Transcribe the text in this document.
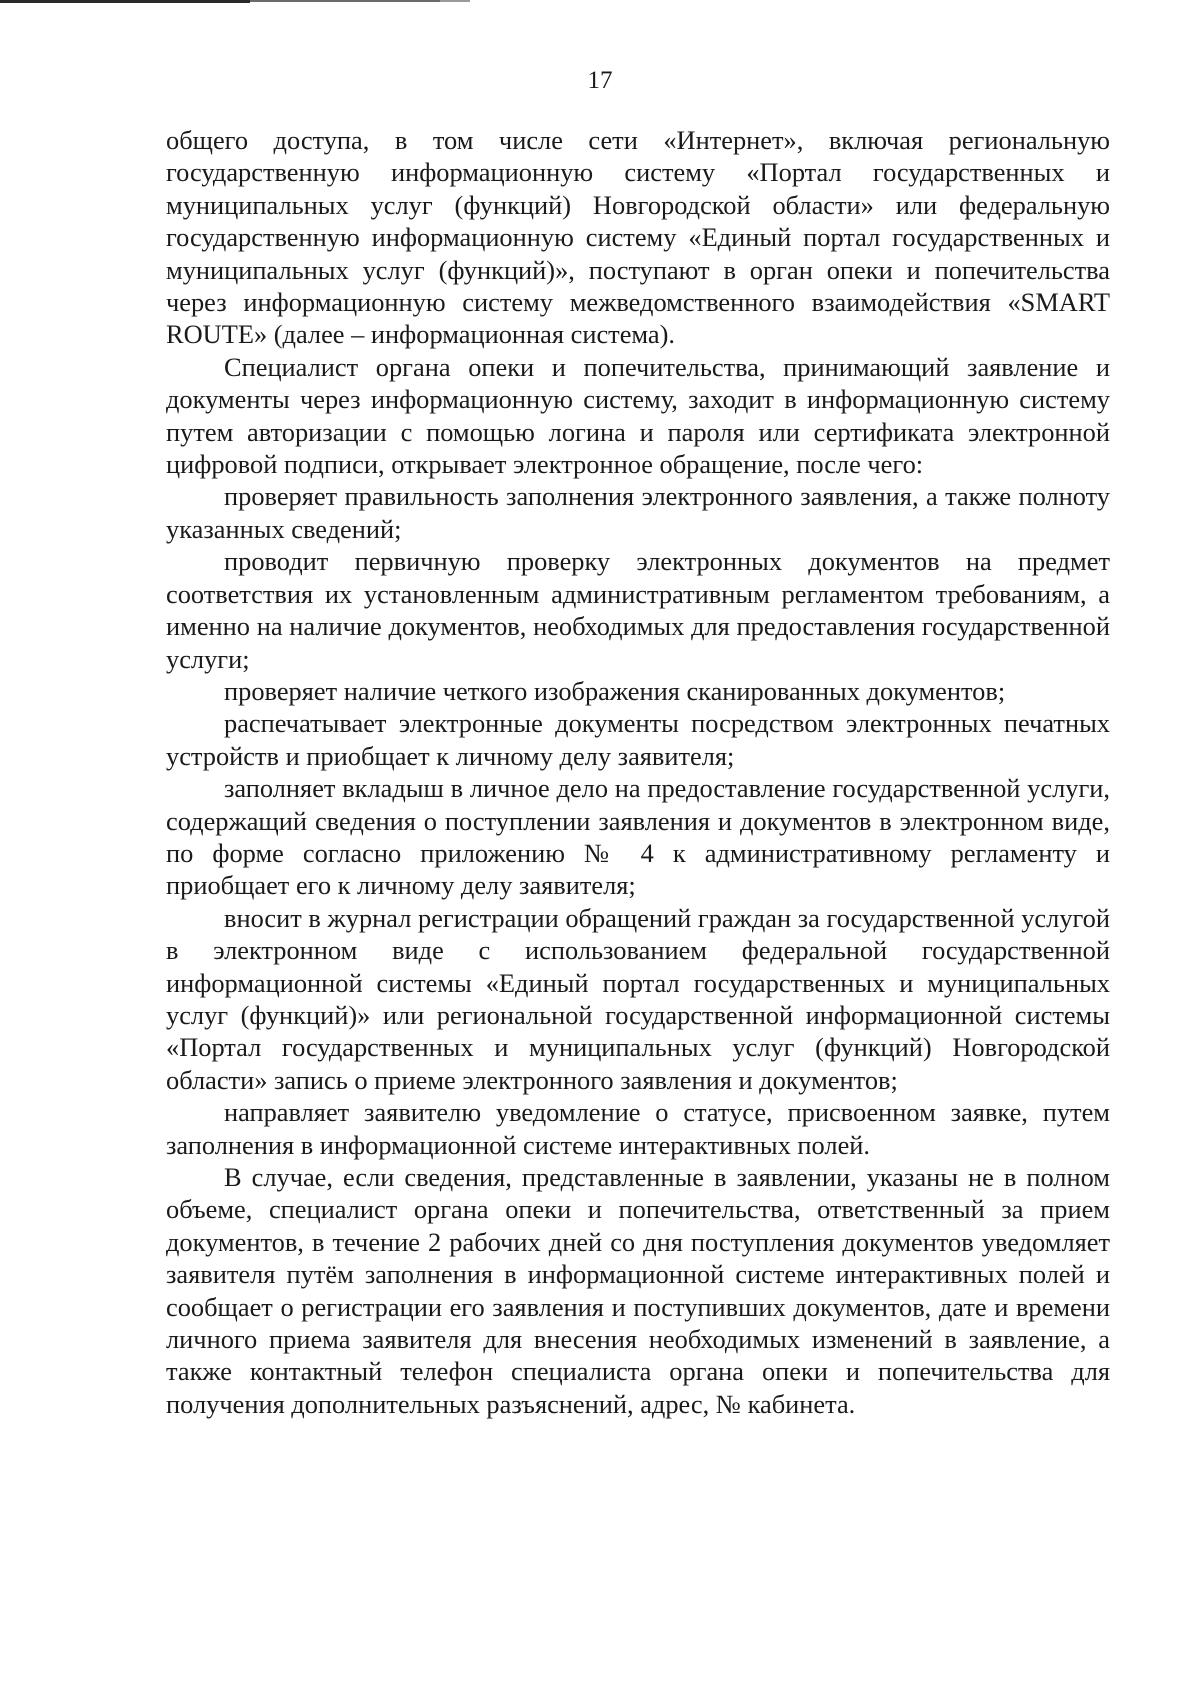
17

общего доступа, в том числе сети «Интернет», включая региональную государственную информационную систему «Портал государственных и муниципальных услуг (функций) Новгородской области» или федеральную государственную информационную систему «Единый портал государственных и муниципальных услуг (функций)», поступают в орган опеки и попечительства через информационную систему межведомственного взаимодействия «SMART ROUTE» (далее – информационная система).

Специалист органа опеки и попечительства, принимающий заявление и документы через информационную систему, заходит в информационную систему путем авторизации с помощью логина и пароля или сертификата электронной цифровой подписи, открывает электронное обращение, после чего:

проверяет правильность заполнения электронного заявления, а также полноту указанных сведений;

проводит первичную проверку электронных документов на предмет соответствия их установленным административным регламентом требованиям, а именно на наличие документов, необходимых для предоставления государственной услуги;

проверяет наличие четкого изображения сканированных документов;

распечатывает электронные документы посредством электронных печатных устройств и приобщает к личному делу заявителя;

заполняет вкладыш в личное дело на предоставление государственной услуги, содержащий сведения о поступлении заявления и документов в электронном виде, по форме согласно приложению № 4 к административному регламенту и приобщает его к личному делу заявителя;

вносит в журнал регистрации обращений граждан за государственной услугой в электронном виде с использованием федеральной государственной информационной системы «Единый портал государственных и муниципальных услуг (функций)» или региональной государственной информационной системы «Портал государственных и муниципальных услуг (функций) Новгородской области» запись о приеме электронного заявления и документов;

направляет заявителю уведомление о статусе, присвоенном заявке, путем заполнения в информационной системе интерактивных полей.

В случае, если сведения, представленные в заявлении, указаны не в полном объеме, специалист органа опеки и попечительства, ответственный за прием документов, в течение 2 рабочих дней со дня поступления документов уведомляет заявителя путём заполнения в информационной системе интерактивных полей и сообщает о регистрации его заявления и поступивших документов, дате и времени личного приема заявителя для внесения необходимых изменений в заявление, а также контактный телефон специалиста органа опеки и попечительства для получения дополнительных разъяснений, адрес, № кабинета.
